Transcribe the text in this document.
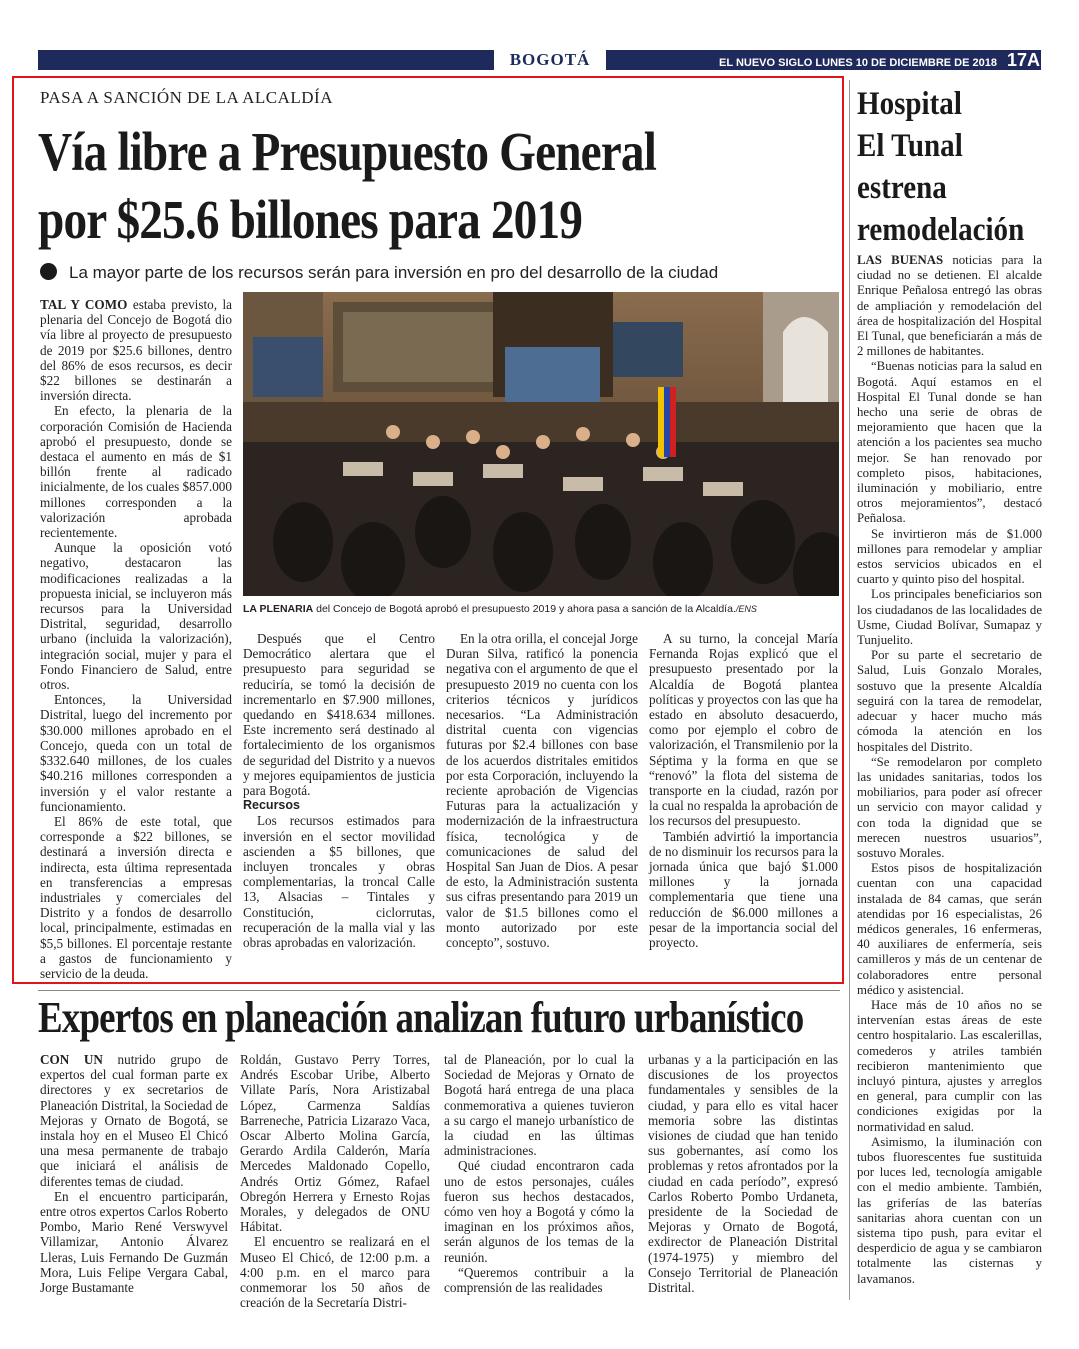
BOGOTÁ	EL NUEVO SIGLO LUNES 10 DE DICIEMBRE DE 2018 17A
PASA A SANCIÓN DE LA ALCALDÍA
Vía libre a Presupuesto General
por $25.6 billones para 2019
La mayor parte de los recursos serán para inversión en pro del desarrollo de la ciudad

TAL Y COMO estaba previsto, la plenaria del Concejo de Bogotá dio vía libre al proyecto de presupuesto de 2019 por $25.6 billones, dentro del 86% de esos recursos, es decir $22 billones se destinarán a inversión directa.

En efecto, la plenaria de la corporación Comisión de Hacienda aprobó el presupuesto, donde se destaca el aumento en más de $1 billón frente al radicado inicialmente, de los cuales $857.000 millones corresponden a la valorización aprobada recientemente.

Aunque la oposición votó negativo, destacaron las modificaciones realizadas a la propuesta inicial, se incluyeron más recursos para la Universidad Distrital, seguridad, desarrollo urbano (incluida la valorización), integración social, mujer y para el Fondo Financiero de Salud, entre otros.

Entonces, la Universidad Distrital, luego del incremento por $30.000 millones aprobado en el Concejo, queda con un total de $332.640 millones, de los cuales $40.216 millones corresponden a inversión y el valor restante a funcionamiento.

El 86% de este total, que corresponde a $22 billones, se destinará a inversión directa e indirecta, esta última representada en transferencias a empresas industriales y comerciales del Distrito y a fondos de desarrollo local, principalmente, estimadas en $5,5 billones. El porcentaje restante a gastos de funcionamiento y servicio de la deuda.

LA PLENARIA del Concejo de Bogotá aprobó el presupuesto 2019 y ahora pasa a sanción de la Alcaldía./ENS

Después que el Centro Democrático alertara que el presupuesto para seguridad se reduciría, se tomó la decisión de incrementarlo en $7.900 millones, quedando en $418.634 millones. Este incremento será destinado al fortalecimiento de los organismos de seguridad del Distrito y a nuevos y mejores equipamientos de justicia para Bogotá.

Recursos

Los recursos estimados para inversión en el sector movilidad ascienden a $5 billones, que incluyen troncales y obras complementarias, la troncal Calle 13, Alsacias – Tintales y Constitución, ciclorrutas, recuperación de la malla vial y las obras aprobadas en valorización.

En la otra orilla, el concejal Jorge Duran Silva, ratificó la ponencia negativa con el argumento de que el presupuesto 2019 no cuenta con los criterios técnicos y jurídicos necesarios. “La Administración distrital cuenta con vigencias futuras por $2.4 billones con base de los acuerdos distritales emitidos por esta Corporación, incluyendo la reciente aprobación de Vigencias Futuras para la actualización y modernización de la infraestructura física, tecnológica y de comunicaciones de salud del Hospital San Juan de Dios. A pesar de esto, la Administración sustenta sus cifras presentando para 2019 un valor de $1.5 billones como el monto autorizado por este concepto”, sostuvo.

A su turno, la concejal María Fernanda Rojas explicó que el presupuesto presentado por la Alcaldía de Bogotá plantea políticas y proyectos con las que ha estado en absoluto desacuerdo, como por ejemplo el cobro de valorización, el Transmilenio por la Séptima y la forma en que se “renovó” la flota del sistema de transporte en la ciudad, razón por la cual no respalda la aprobación de los recursos del presupuesto.

También advirtió la importancia de no disminuir los recursos para la jornada única que bajó $1.000 millones y la jornada complementaria que tiene una reducción de $6.000 millones a pesar de la importancia social del proyecto.

Expertos en planeación analizan futuro urbanístico

CON UN nutrido grupo de expertos del cual forman parte ex directores y ex secretarios de Planeación Distrital, la Sociedad de Mejoras y Ornato de Bogotá, se instala hoy en el Museo El Chicó una mesa permanente de trabajo que iniciará el análisis de diferentes temas de ciudad.

En el encuentro participarán, entre otros expertos Carlos Roberto Pombo, Mario René Verswyvel Villamizar, Antonio Álvarez Lleras, Luis Fernando De Guzmán Mora, Luis Felipe Vergara Cabal, Jorge Bustamante

Roldán, Gustavo Perry Torres, Andrés Escobar Uribe, Alberto Villate París, Nora Aristizabal López, Carmenza Saldías Barreneche, Patricia Lizarazo Vaca, Oscar Alberto Molina García, Gerardo Ardila Calderón, María Mercedes Maldonado Copello, Andrés Ortiz Gómez, Rafael Obregón Herrera y Ernesto Rojas Morales, y delegados de ONU Hábitat.

El encuentro se realizará en el Museo El Chicó, de 12:00 p.m. a 4:00 p.m. en el marco para conmemorar los 50 años de creación de la Secretaría Distri-

tal de Planeación, por lo cual la Sociedad de Mejoras y Ornato de Bogotá hará entrega de una placa conmemorativa a quienes tuvieron a su cargo el manejo urbanístico de la ciudad en las últimas administraciones.

Qué ciudad encontraron cada uno de estos personajes, cuáles fueron sus hechos destacados, cómo ven hoy a Bogotá y cómo la imaginan en los próximos años, serán algunos de los temas de la reunión.

“Queremos contribuir a la comprensión de las realidades

urbanas y a la participación en las discusiones de los proyectos fundamentales y sensibles de la ciudad, y para ello es vital hacer memoria sobre las distintas visiones de ciudad que han tenido sus gobernantes, así como los problemas y retos afrontados por la ciudad en cada período”, expresó Carlos Roberto Pombo Urdaneta, presidente de la Sociedad de Mejoras y Ornato de Bogotá, exdirector de Planeación Distrital (1974-1975) y miembro del Consejo Territorial de Planeación Distrital.

Hospital
El Tunal
estrena
remodelación

LAS BUENAS noticias para la ciudad no se detienen. El alcalde Enrique Peñalosa entregó las obras de ampliación y remodelación del área de hospitalización del Hospital El Tunal, que beneficiarán a más de 2 millones de habitantes.

“Buenas noticias para la salud en Bogotá. Aquí estamos en el Hospital El Tunal donde se han hecho una serie de obras de mejoramiento que hacen que la atención a los pacientes sea mucho mejor. Se han renovado por completo pisos, habitaciones, iluminación y mobiliario, entre otros mejoramientos”, destacó Peñalosa.

Se invirtieron más de $1.000 millones para remodelar y ampliar estos servicios ubicados en el cuarto y quinto piso del hospital.

Los principales beneficiarios son los ciudadanos de las localidades de Usme, Ciudad Bolívar, Sumapaz y Tunjuelito.

Por su parte el secretario de Salud, Luis Gonzalo Morales, sostuvo que la presente Alcaldía seguirá con la tarea de remodelar, adecuar y hacer mucho más cómoda la atención en los hospitales del Distrito.

“Se remodelaron por completo las unidades sanitarias, todos los mobiliarios, para poder así ofrecer un servicio con mayor calidad y con toda la dignidad que se merecen nuestros usuarios”, sostuvo Morales.

Estos pisos de hospitalización cuentan con una capacidad instalada de 84 camas, que serán atendidas por 16 especialistas, 26 médicos generales, 16 enfermeras, 40 auxiliares de enfermería, seis camilleros y más de un centenar de colaboradores entre personal médico y asistencial.

Hace más de 10 años no se intervenían estas áreas de este centro hospitalario. Las escalerillas, comederos y atriles también recibieron mantenimiento que incluyó pintura, ajustes y arreglos en general, para cumplir con las condiciones exigidas por la normatividad en salud.

Asimismo, la iluminación con tubos fluorescentes fue sustituida por luces led, tecnología amigable con el medio ambiente. También, las griferías de las baterías sanitarias ahora cuentan con un sistema tipo push, para evitar el desperdicio de agua y se cambiaron totalmente las cisternas y lavamanos.
